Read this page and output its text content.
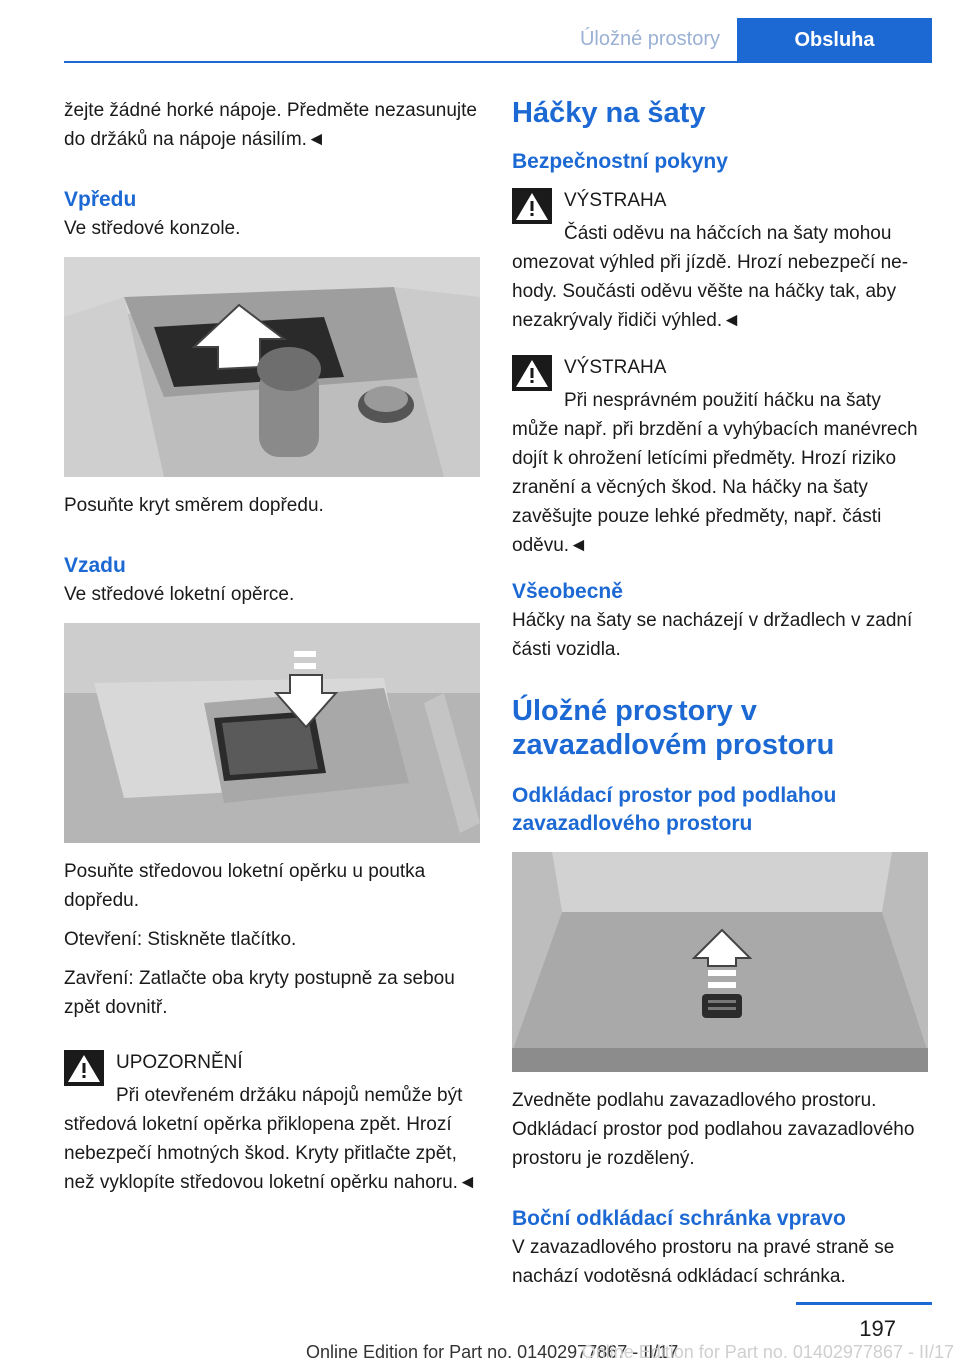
Úložné prostory	Obsluha

žejte žádné horké nápoje. Předměte nezasunujte do držáků na nápoje násilím.◄

Vpředu

Ve středové konzole.

Posuňte kryt směrem dopředu.

Vzadu

Ve středové loketní opěrce.

Posuňte středovou loketní opěrku u poutka dopředu.

Otevření: Stiskněte tlačítko.

Zavření: Zatlačte oba kryty postupně za sebou zpět dovnitř.

UPOZORNĚNÍ

Při otevřeném držáku nápojů nemůže být
středová loketní opěrka přiklopena zpět. Hrozí nebezpečí hmotných škod. Kryty přitlačte zpět, než vyklopíte středovou loketní opěrku nahoru.◄

Háčky na šaty
Bezpečnostní pokyny

VÝSTRAHA

Části oděvu na háčcích na šaty mohou
omezovat výhled při jízdě. Hrozí nebezpečí nehody. Součásti oděvu věšte na háčky tak, aby nezakrývaly řidiči výhled.◄

VÝSTRAHA

Při nesprávném použití háčku na šaty
může např. při brzdění a vyhýbacích manévrech dojít k ohrožení letícími předměty. Hrozí riziko zranění a věcných škod. Na háčky na šaty zavěšujte pouze lehké předměty, např. části oděvu.◄

Všeobecně

Háčky na šaty se nacházejí v držadlech v zadní části vozidla.

Úložné prostory v zavazadlovém prostoru
Odkládací prostor pod podlahou zavazadlového prostoru

Zvedněte podlahu zavazadlového prostoru.

Odkládací prostor pod podlahou zavazadlového prostoru je rozdělený.

Boční odkládací schránka vpravo

V zavazadlového prostoru na pravé straně se nachází vodotěsná odkládací schránka.

197
Online Edition for Part no. 01402977867 - II/17
Online Edition for Part no. 01402977867 - II/17
